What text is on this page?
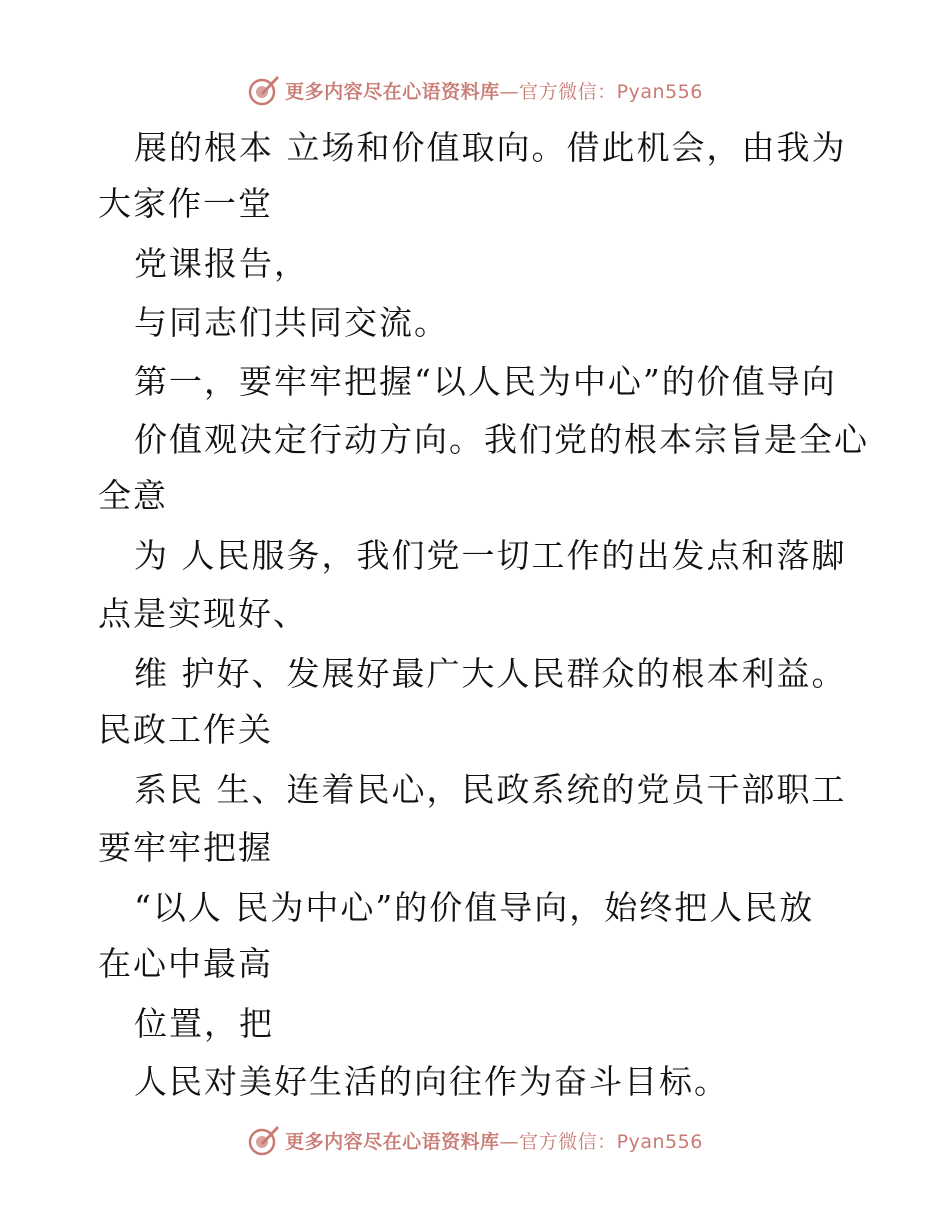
更多内容尽在心语资料库—官方微信：Pyan556
展的根本 立场和价值取向。借此机会，由我为
大家作一堂
党课报告，
与同志们共同交流。
第一，要牢牢把握“以人民为中心”的价值导向
价值观决定行动方向。我们党的根本宗旨是全心
全意
为 人民服务，我们党一切工作的出发点和落脚
点是实现好、
维 护好、发展好最广大人民群众的根本利益。
民政工作关
系民 生、连着民心，民政系统的党员干部职工
要牢牢把握
“以人 民为中心”的价值导向，始终把人民放
在心中最高
位置，把
人民对美好生活的向往作为奋斗目标。
更多内容尽在心语资料库—官方微信：Pyan556
